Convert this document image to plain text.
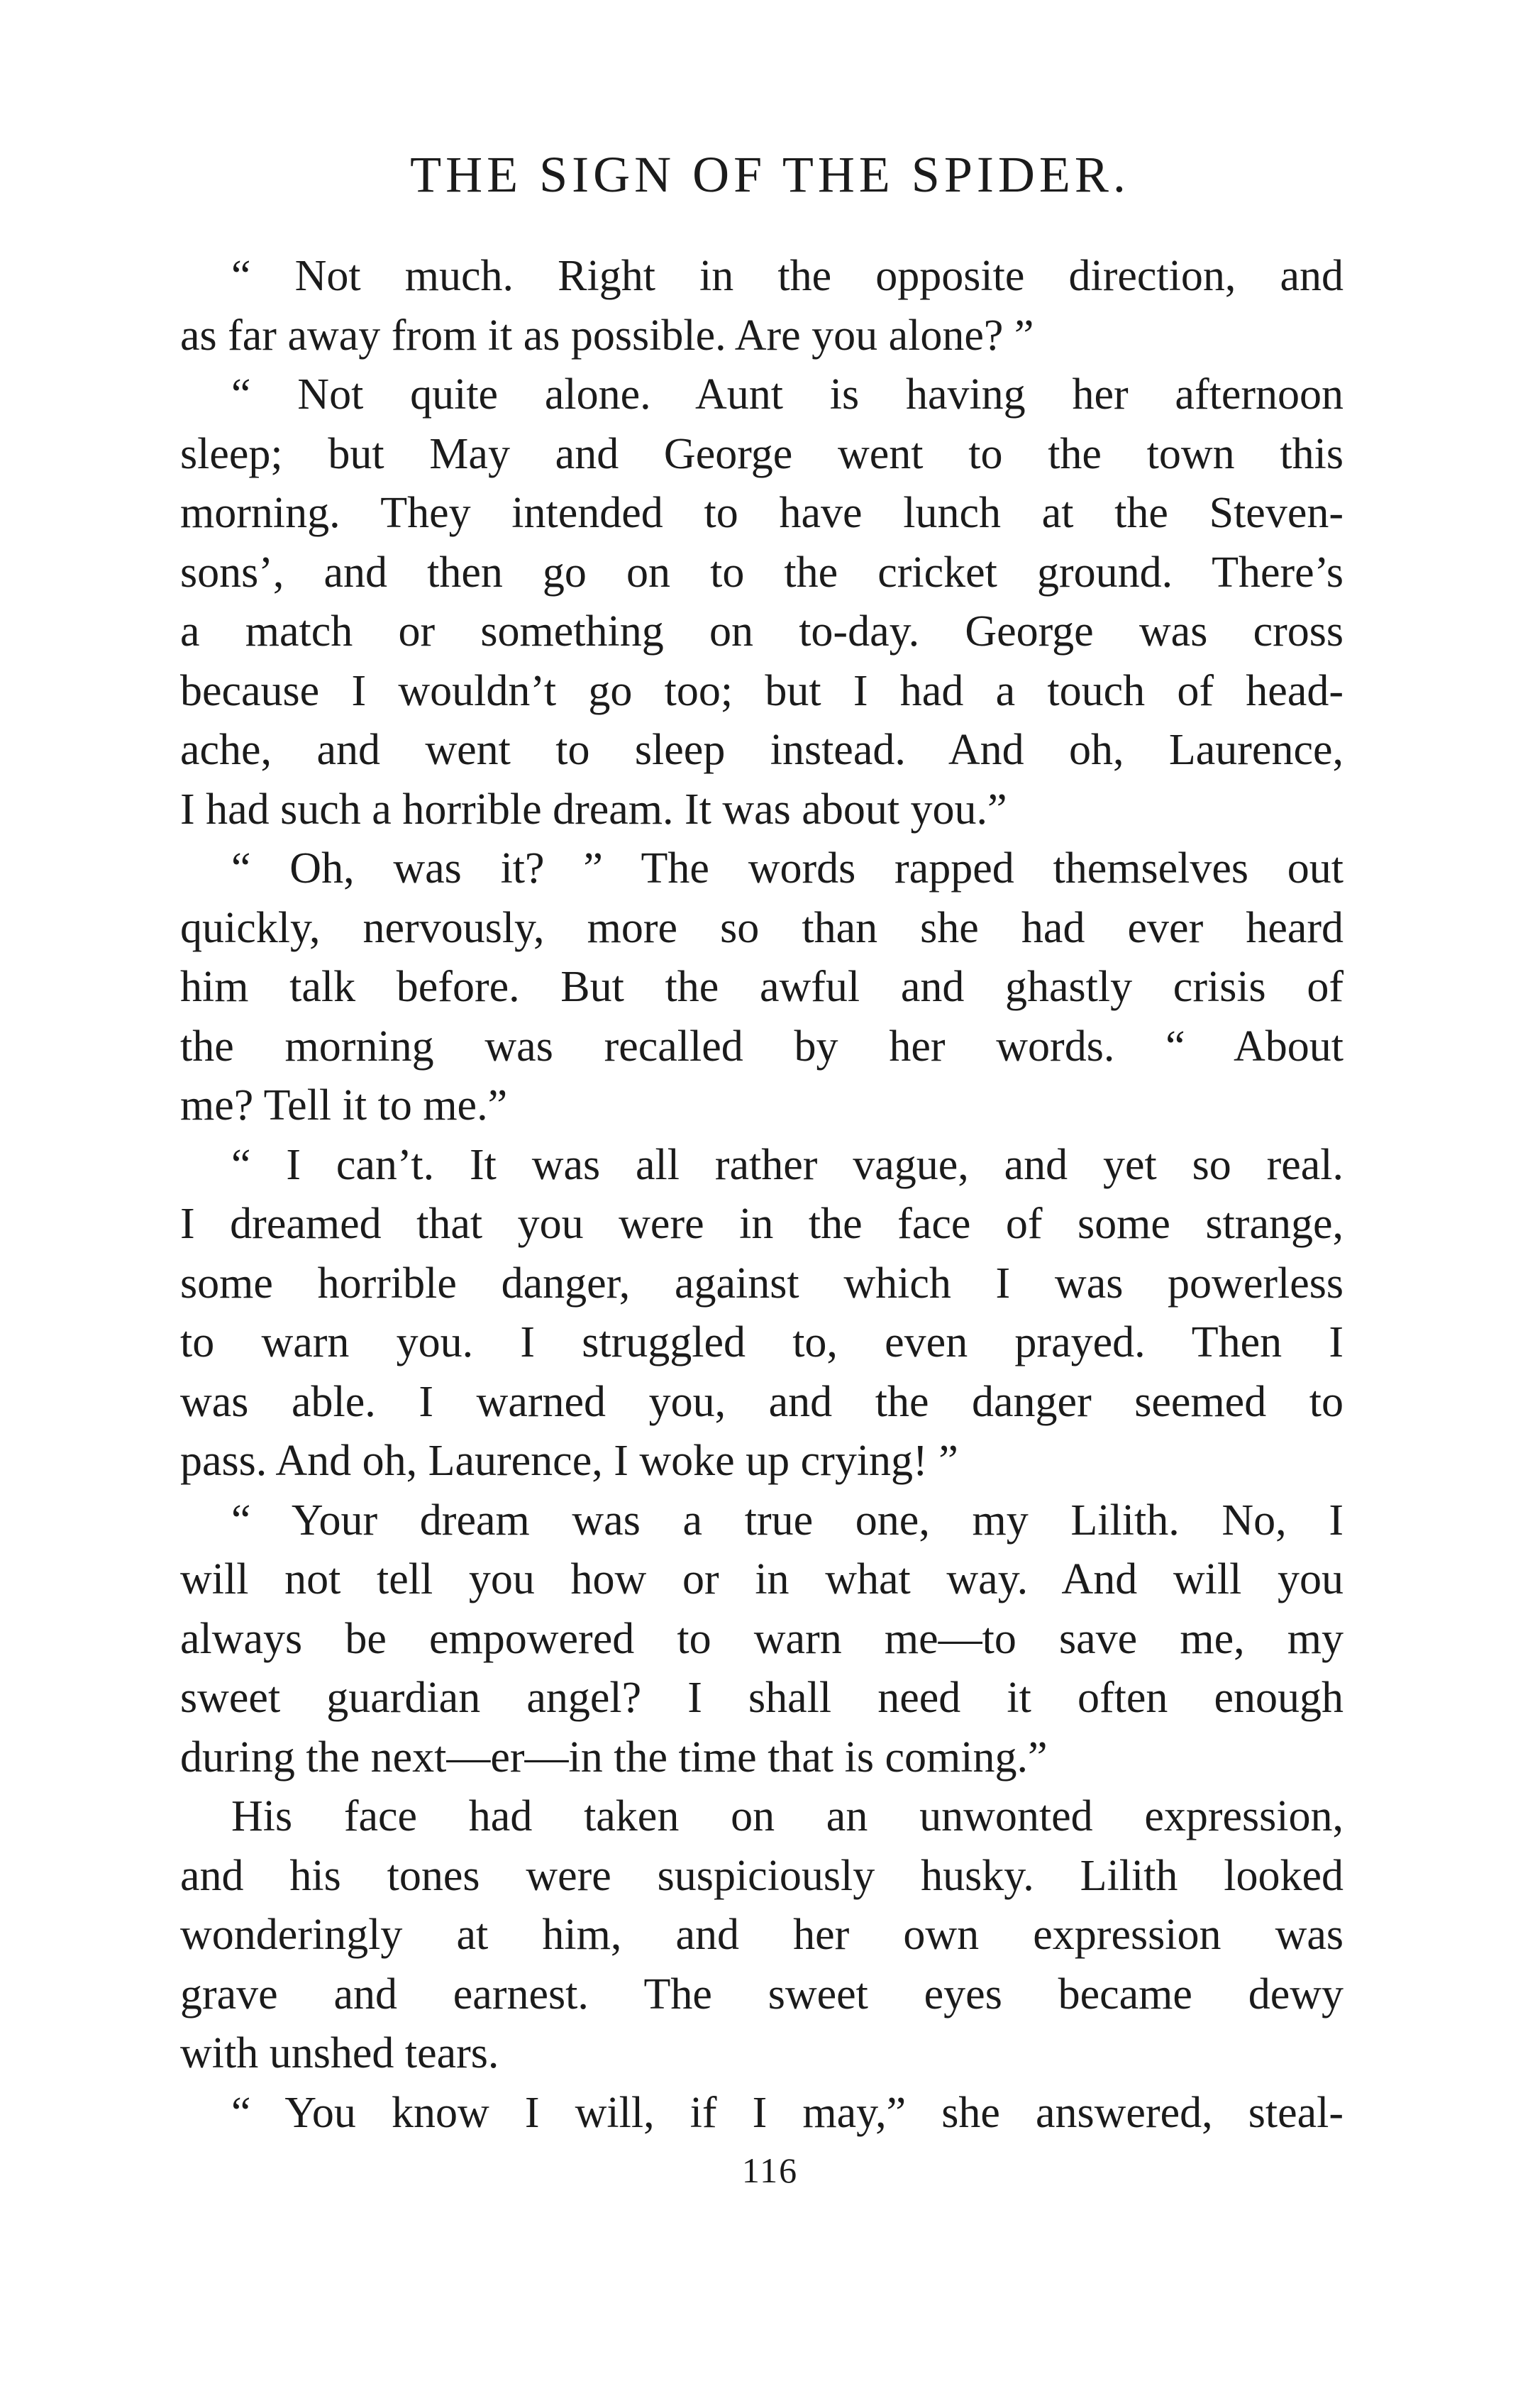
THE SIGN OF THE SPIDER.
“ Not much. Right in the opposite direction, and
as far away from it as possible. Are you alone? ”
“ Not quite alone. Aunt is having her afternoon
sleep; but May and George went to the town this
morning. They intended to have lunch at the Steven-
sons’, and then go on to the cricket ground. There’s
a match or something on to-day. George was cross
because I wouldn’t go too; but I had a touch of head-
ache, and went to sleep instead. And oh, Laurence,
I had such a horrible dream. It was about you.”
“ Oh, was it? ” The words rapped themselves out
quickly, nervously, more so than she had ever heard
him talk before. But the awful and ghastly crisis of
the morning was recalled by her words. “ About
me? Tell it to me.”
“ I can’t. It was all rather vague, and yet so real.
I dreamed that you were in the face of some strange,
some horrible danger, against which I was powerless
to warn you. I struggled to, even prayed. Then I
was able. I warned you, and the danger seemed to
pass. And oh, Laurence, I woke up crying! ”
“ Your dream was a true one, my Lilith. No, I
will not tell you how or in what way. And will you
always be empowered to warn me—to save me, my
sweet guardian angel? I shall need it often enough
during the next—er—in the time that is coming.”
His face had taken on an unwonted expression,
and his tones were suspiciously husky. Lilith looked
wonderingly at him, and her own expression was
grave and earnest. The sweet eyes became dewy
with unshed tears.
“ You know I will, if I may,” she answered, steal-
116
